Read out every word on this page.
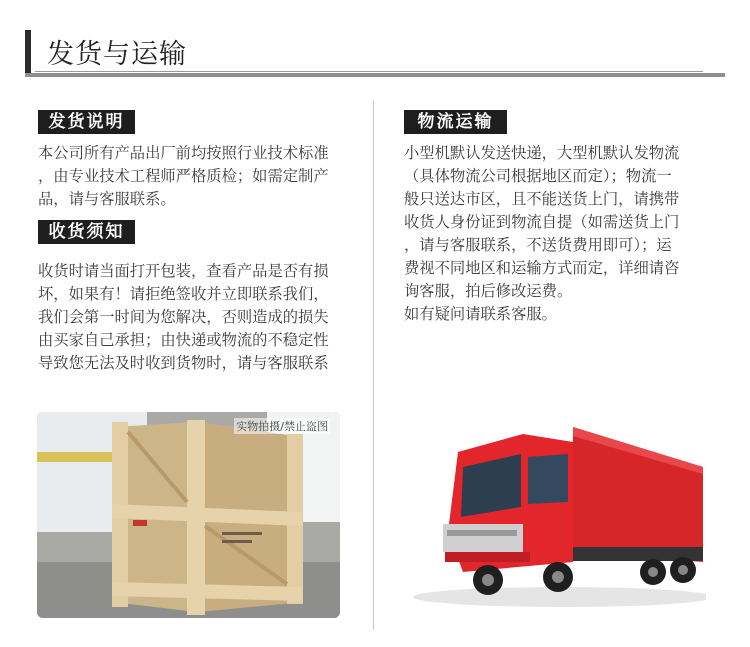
发货与运输
发货说明

本公司所有产品出厂前均按照行业技术标准
，由专业技术工程师严格质检；如需定制产
品，请与客服联系。

收货须知

收货时请当面打开包装，查看产品是否有损
坏，如果有！请拒绝签收并立即联系我们，
我们会第一时间为您解决，否则造成的损失
由买家自己承担；由快递或物流的不稳定性
导致您无法及时收到货物时，请与客服联系

实物拍摄/禁止盗图
物流运输

小型机默认发送快递，大型机默认发物流
（具体物流公司根据地区而定）；物流一
般只送达市区，且不能送货上门，请携带
收货人身份证到物流自提（如需送货上门
，请与客服联系，不送货费用即可）；运
费视不同地区和运输方式而定，详细请咨
询客服，拍后修改运费。
如有疑问请联系客服。
